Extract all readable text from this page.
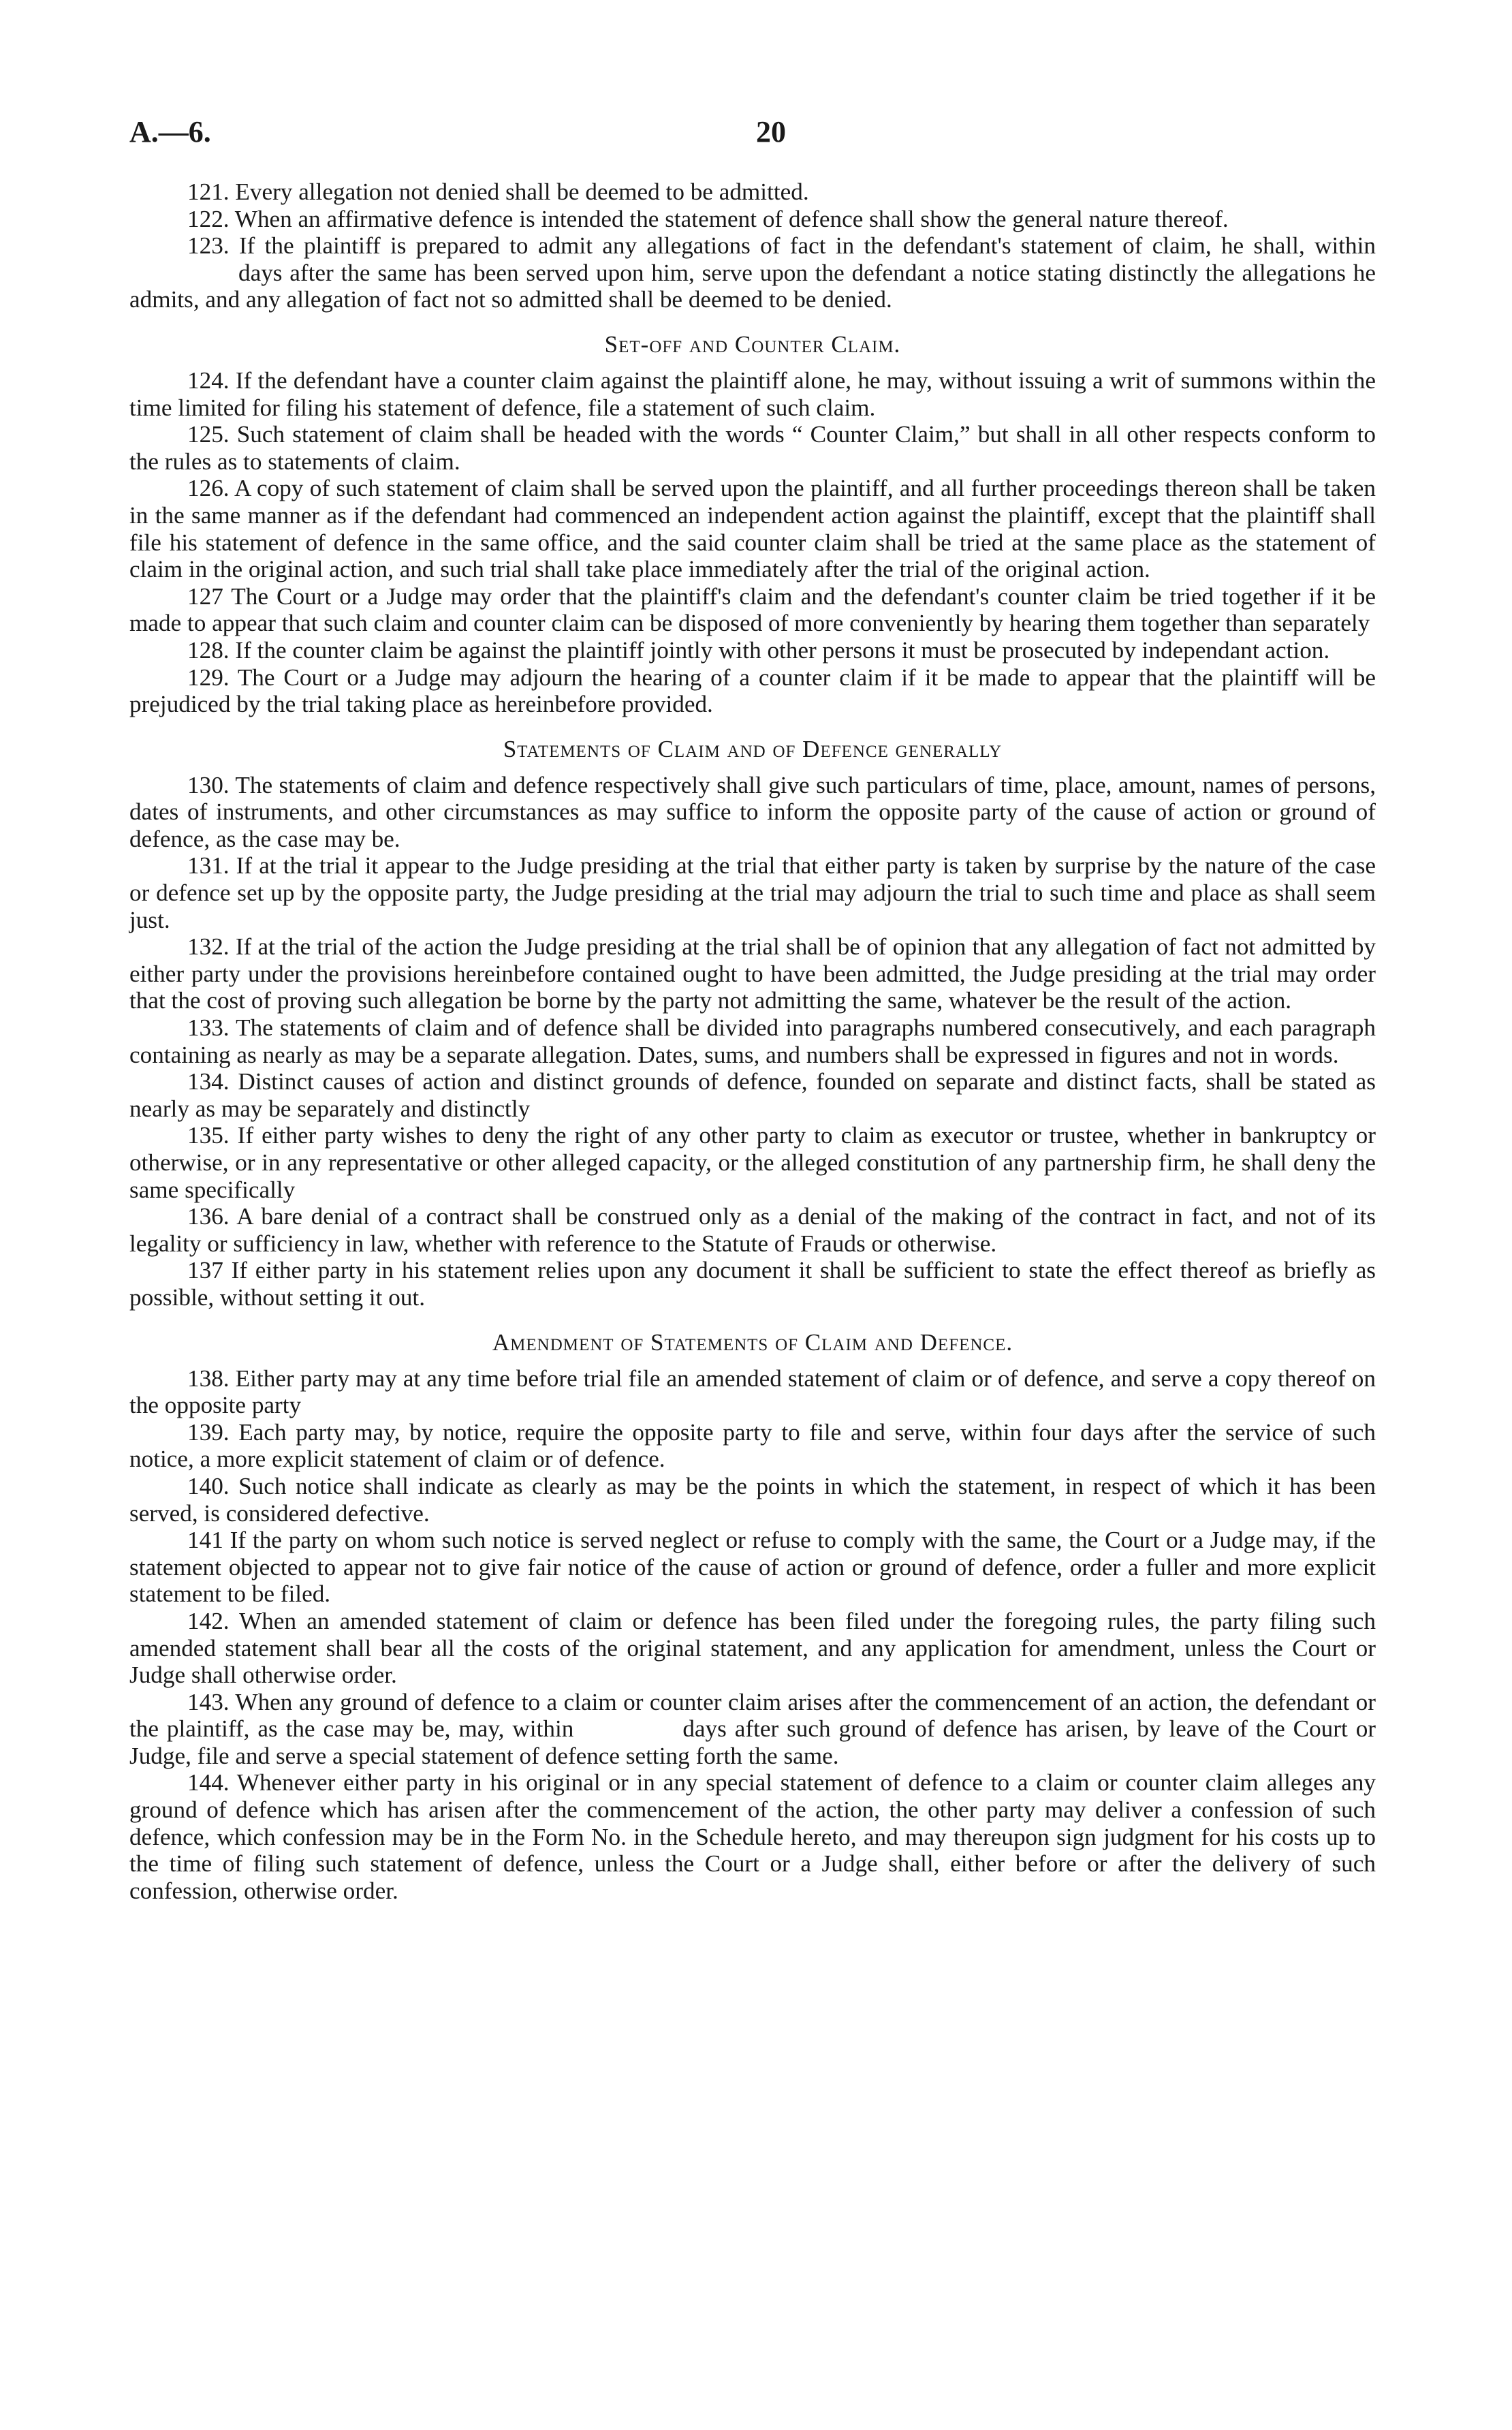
A.—6.	20

121. Every allegation not denied shall be deemed to be admitted.

122. When an affirmative defence is intended the statement of defence shall show the general nature thereof.

123. If the plaintiff is prepared to admit any allegations of fact in the defendant's statement of claim, he shall, withindays after the same has been served upon him, serve upon the defendant a notice stating distinctly the allegations he admits, and any allegation of fact not so admitted shall be deemed to be denied.

Set-off and Counter Claim.

124. If the defendant have a counter claim against the plaintiff alone, he may, without issuing a writ of summons within the time limited for filing his statement of defence, file a statement of such claim.

125. Such statement of claim shall be headed with the words “ Counter Claim,” but shall in all other respects conform to the rules as to statements of claim.

126. A copy of such statement of claim shall be served upon the plaintiff, and all further proceedings thereon shall be taken in the same manner as if the defendant had commenced an independent action against the plaintiff, except that the plaintiff shall file his statement of defence in the same office, and the said counter claim shall be tried at the same place as the statement of claim in the original action, and such trial shall take place immediately after the trial of the original action.

127 The Court or a Judge may order that the plaintiff's claim and the defendant's counter claim be tried together if it be made to appear that such claim and counter claim can be disposed of more conveniently by hearing them together than separately

128. If the counter claim be against the plaintiff jointly with other persons it must be prosecuted by independant action.

129. The Court or a Judge may adjourn the hearing of a counter claim if it be made to appear that the plaintiff will be prejudiced by the trial taking place as hereinbefore provided.

Statements of Claim and of Defence generally

130. The statements of claim and defence respectively shall give such particulars of time, place, amount, names of persons, dates of instruments, and other circumstances as may suffice to inform the opposite party of the cause of action or ground of defence, as the case may be.

131. If at the trial it appear to the Judge presiding at the trial that either party is taken by surprise by the nature of the case or defence set up by the opposite party, the Judge presiding at the trial may adjourn the trial to such time and place as shall seem just.

132. If at the trial of the action the Judge presiding at the trial shall be of opinion that any allegation of fact not admitted by either party under the provisions hereinbefore contained ought to have been admitted, the Judge presiding at the trial may order that the cost of proving such allegation be borne by the party not admitting the same, whatever be the result of the action.

133. The statements of claim and of defence shall be divided into paragraphs numbered consecutively, and each paragraph containing as nearly as may be a separate allegation. Dates, sums, and numbers shall be expressed in figures and not in words.

134. Distinct causes of action and distinct grounds of defence, founded on separate and distinct facts, shall be stated as nearly as may be separately and distinctly

135. If either party wishes to deny the right of any other party to claim as executor or trustee, whether in bankruptcy or otherwise, or in any representative or other alleged capacity, or the alleged constitution of any partnership firm, he shall deny the same specifically

136. A bare denial of a contract shall be construed only as a denial of the making of the contract in fact, and not of its legality or sufficiency in law, whether with reference to the Statute of Frauds or otherwise.

137 If either party in his statement relies upon any document it shall be sufficient to state the effect thereof as briefly as possible, without setting it out.

Amendment of Statements of Claim and Defence.

138. Either party may at any time before trial file an amended statement of claim or of defence, and serve a copy thereof on the opposite party

139. Each party may, by notice, require the opposite party to file and serve, within four days after the service of such notice, a more explicit statement of claim or of defence.

140. Such notice shall indicate as clearly as may be the points in which the statement, in respect of which it has been served, is considered defective.

141 If the party on whom such notice is served neglect or refuse to comply with the same, the Court or a Judge may, if the statement objected to appear not to give fair notice of the cause of action or ground of defence, order a fuller and more explicit statement to be filed.

142. When an amended statement of claim or defence has been filed under the foregoing rules, the party filing such amended statement shall bear all the costs of the original statement, and any application for amendment, unless the Court or Judge shall otherwise order.

143. When any ground of defence to a claim or counter claim arises after the commencement of an action, the defendant or the plaintiff, as the case may be, may, within	days after such ground of defence has arisen, by leave of the Court or Judge, file and serve a special statement of defence setting forth the same.

144. Whenever either party in his original or in any special statement of defence to a claim or counter claim alleges any ground of defence which has arisen after the commencement of the action, the other party may deliver a confession of such defence, which confession may be in the Form No. in the Schedule hereto, and may thereupon sign judgment for his costs up to the time of filing such statement of defence, unless the Court or a Judge shall, either before or after the delivery of such confession, otherwise order.
